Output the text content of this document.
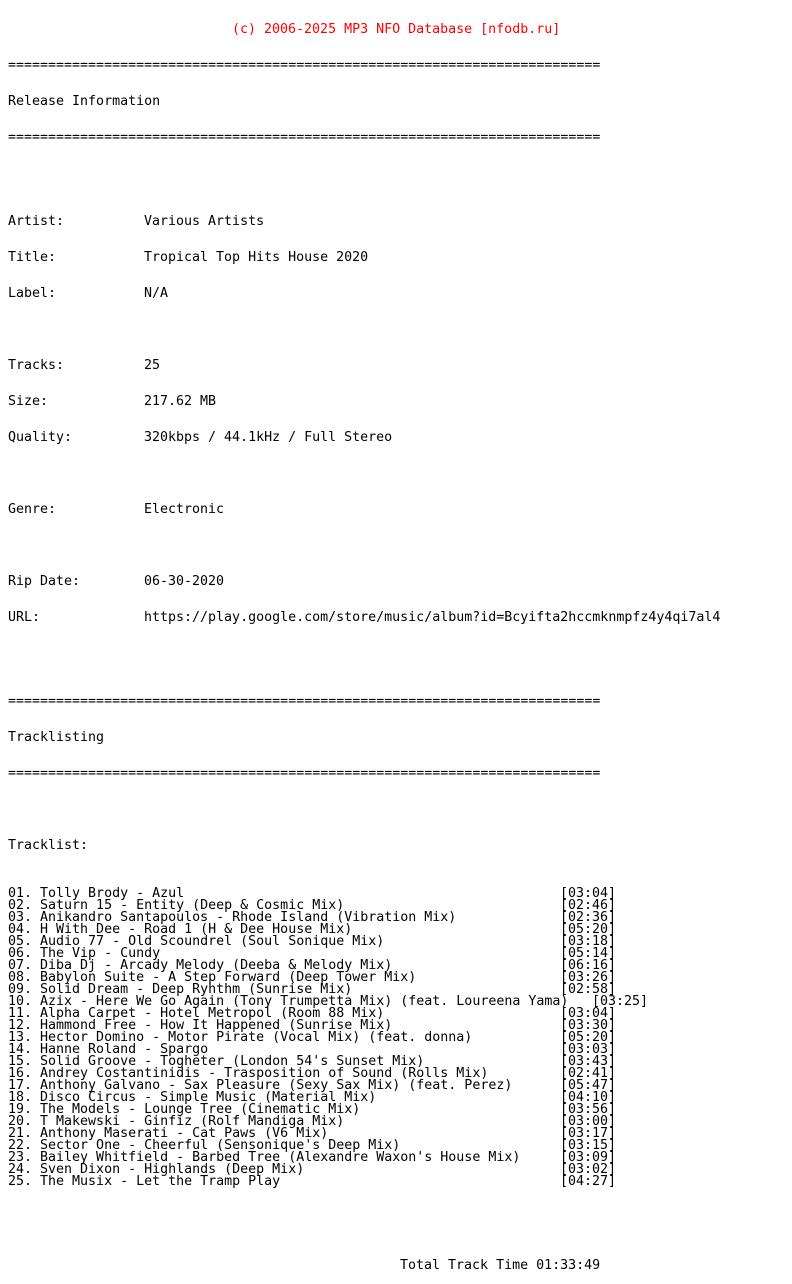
(c) 2006-2025 MP3 NFO Database [nfodb.ru]

==========================================================================

Release Information

==========================================================================

Artist:	Various Artists

Title:	Tropical Top Hits House 2020

Label:	N/A

Tracks:	25

Size:	217.62 MB

Quality:	320kbps / 44.1kHz / Full Stereo

Genre:	Electronic

Rip Date:	06-30-2020

URL:	https://play.google.com/store/music/album?id=Bcyifta2hccmknmpfz4y4qi7al4

==========================================================================

Tracklisting

==========================================================================

Tracklist:

01. Tolly Brody - Azul	[03:04]
02. Saturn 15 - Entity (Deep & Cosmic Mix)	[02:46]
03. Anikandro Santapoulos - Rhode Island (Vibration Mix)	[02:36]
04. H With Dee - Road 1 (H & Dee House Mix)	[05:20]
05. Audio 77 - Old Scoundrel (Soul Sonique Mix)	[03:18]
06. The Vip - Cundy	[05:14]
07. Diba Dj - Arcady Melody (Deeba & Melody Mix)	[06:16]
08. Babylon Suite - A Step Forward (Deep Tower Mix)	[03:26]
09. Solid Dream - Deep Ryhthm (Sunrise Mix)	[02:58]
10. Azix - Here We Go Again (Tony Trumpetta Mix) (feat. Loureena Yama) [03:25]
11. Alpha Carpet - Hotel Metropol (Room 88 Mix)	[03:04]
12. Hammond Free - How It Happened (Sunrise Mix)	[03:30]
13. Hector Domino - Motor Pirate (Vocal Mix) (feat. donna)	[05:20]
14. Hanne Roland - Spargo	[03:03]
15. Solid Groove - Togheter (London 54's Sunset Mix)	[03:43]
16. Andrey Costantinidis - Trasposition of Sound (Rolls Mix)	[02:41]
17. Anthony Galvano - Sax Pleasure (Sexy Sax Mix) (feat. Perez)	[05:47]
18. Disco Circus - Simple Music (Material Mix)	[04:10]
19. The Models - Lounge Tree (Cinematic Mix)	[03:56]
20. T Makewski - Ginfiz (Rolf Mandiga Mix)	[03:00]
21. Anthony Maserati - Cat Paws (V6 Mix)	[03:17]
22. Sector One - Cheerful (Sensonique's Deep Mix)	[03:15]
23. Bailey Whitfield - Barbed Tree (Alexandre Waxon's House Mix)	[03:09]
24. Sven Dixon - Highlands (Deep Mix)	[03:02]
25. The Musix - Let the Tramp Play	[04:27]

Total Track Time 01:33:49
